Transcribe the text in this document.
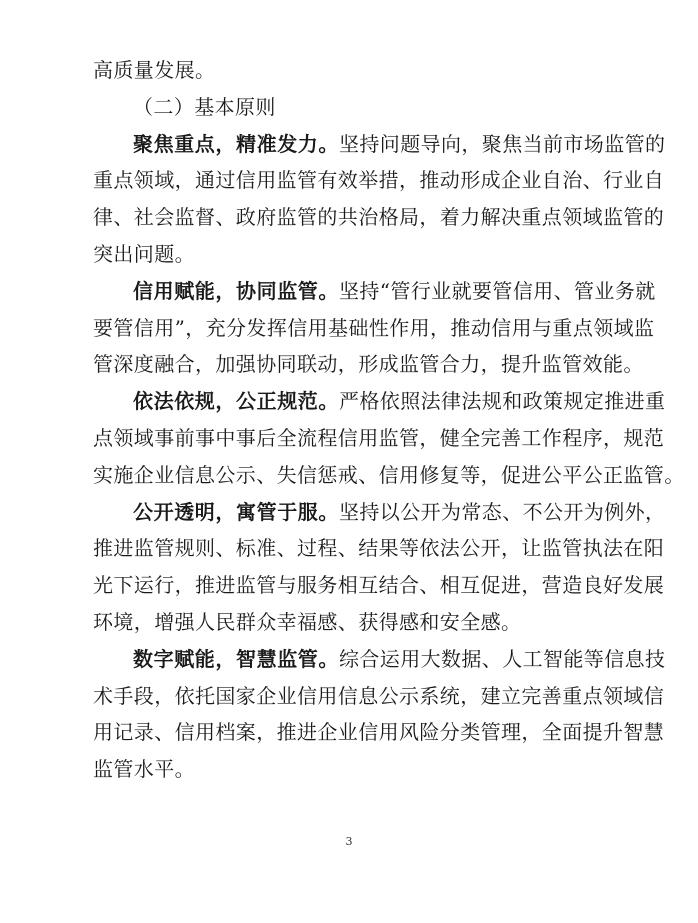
高质量发展。

（二）基本原则

聚焦重点，精准发力。坚持问题导向，聚焦当前市场监管的

重点领域，通过信用监管有效举措，推动形成企业自治、行业自

律、社会监督、政府监管的共治格局，着力解决重点领域监管的

突出问题。

信用赋能，协同监管。坚持“管行业就要管信用、管业务就

要管信用”，充分发挥信用基础性作用，推动信用与重点领域监

管深度融合，加强协同联动，形成监管合力，提升监管效能。

依法依规，公正规范。严格依照法律法规和政策规定推进重

点领域事前事中事后全流程信用监管，健全完善工作程序，规范

实施企业信息公示、失信惩戒、信用修复等，促进公平公正监管。

公开透明，寓管于服。坚持以公开为常态、不公开为例外，

推进监管规则、标准、过程、结果等依法公开，让监管执法在阳

光下运行，推进监管与服务相互结合、相互促进，营造良好发展

环境，增强人民群众幸福感、获得感和安全感。

数字赋能，智慧监管。综合运用大数据、人工智能等信息技

术手段，依托国家企业信用信息公示系统，建立完善重点领域信

用记录、信用档案，推进企业信用风险分类管理，全面提升智慧

监管水平。

3
